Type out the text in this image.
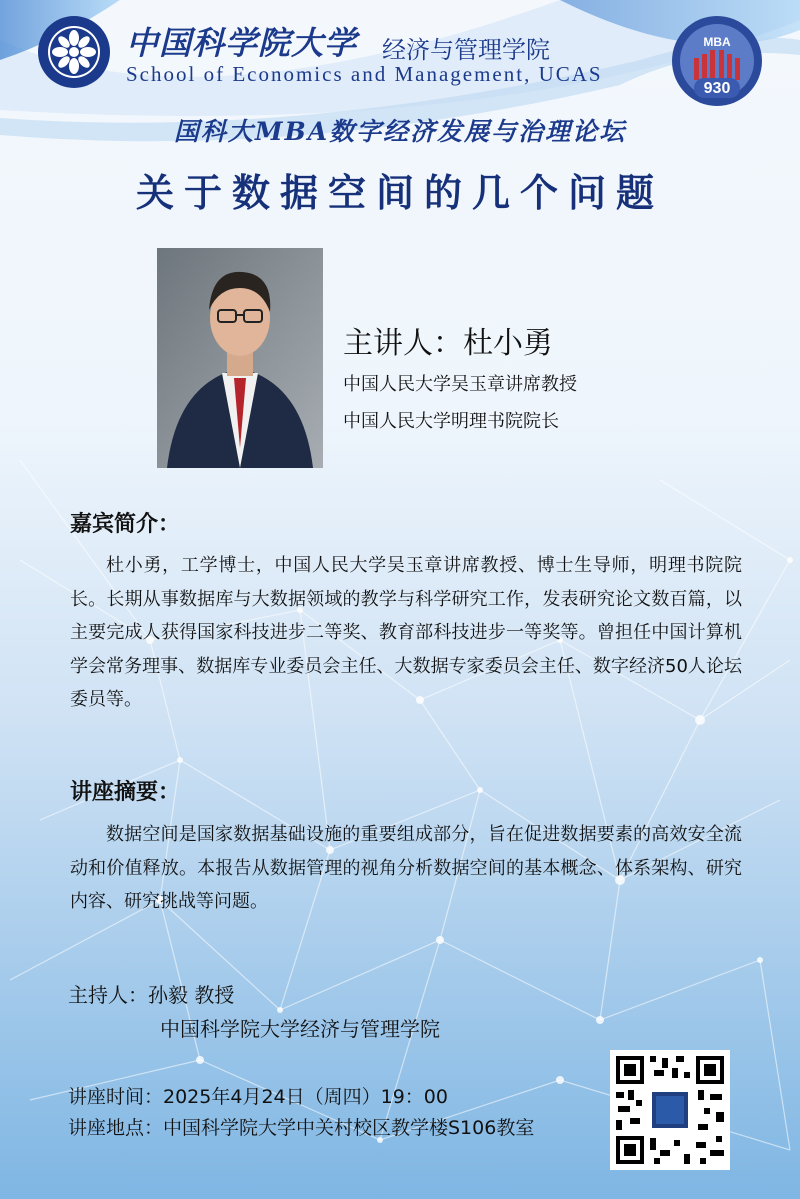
中国科学院大学 经济与管理学院
School of Economics and Management, UCAS
MBA
930
国科大MBA数字经济发展与治理论坛
关于数据空间的几个问题
主讲人：杜小勇
中国人民大学吴玉章讲席教授
中国人民大学明理书院院长
嘉宾简介：
杜小勇，工学博士，中国人民大学吴玉章讲席教授、博士生导师，明理书院院长。长期从事数据库与大数据领域的教学与科学研究工作，发表研究论文数百篇，以主要完成人获得国家科技进步二等奖、教育部科技进步一等奖等。曾担任中国计算机学会常务理事、数据库专业委员会主任、大数据专家委员会主任、数字经济50人论坛委员等。
讲座摘要：
数据空间是国家数据基础设施的重要组成部分，旨在促进数据要素的高效安全流动和价值释放。本报告从数据管理的视角分析数据空间的基本概念、体系架构、研究内容、研究挑战等问题。
主持人：孙毅 教授
中国科学院大学经济与管理学院
讲座时间：2025年4月24日（周四）19：00
讲座地点：中国科学院大学中关村校区教学楼S106教室
